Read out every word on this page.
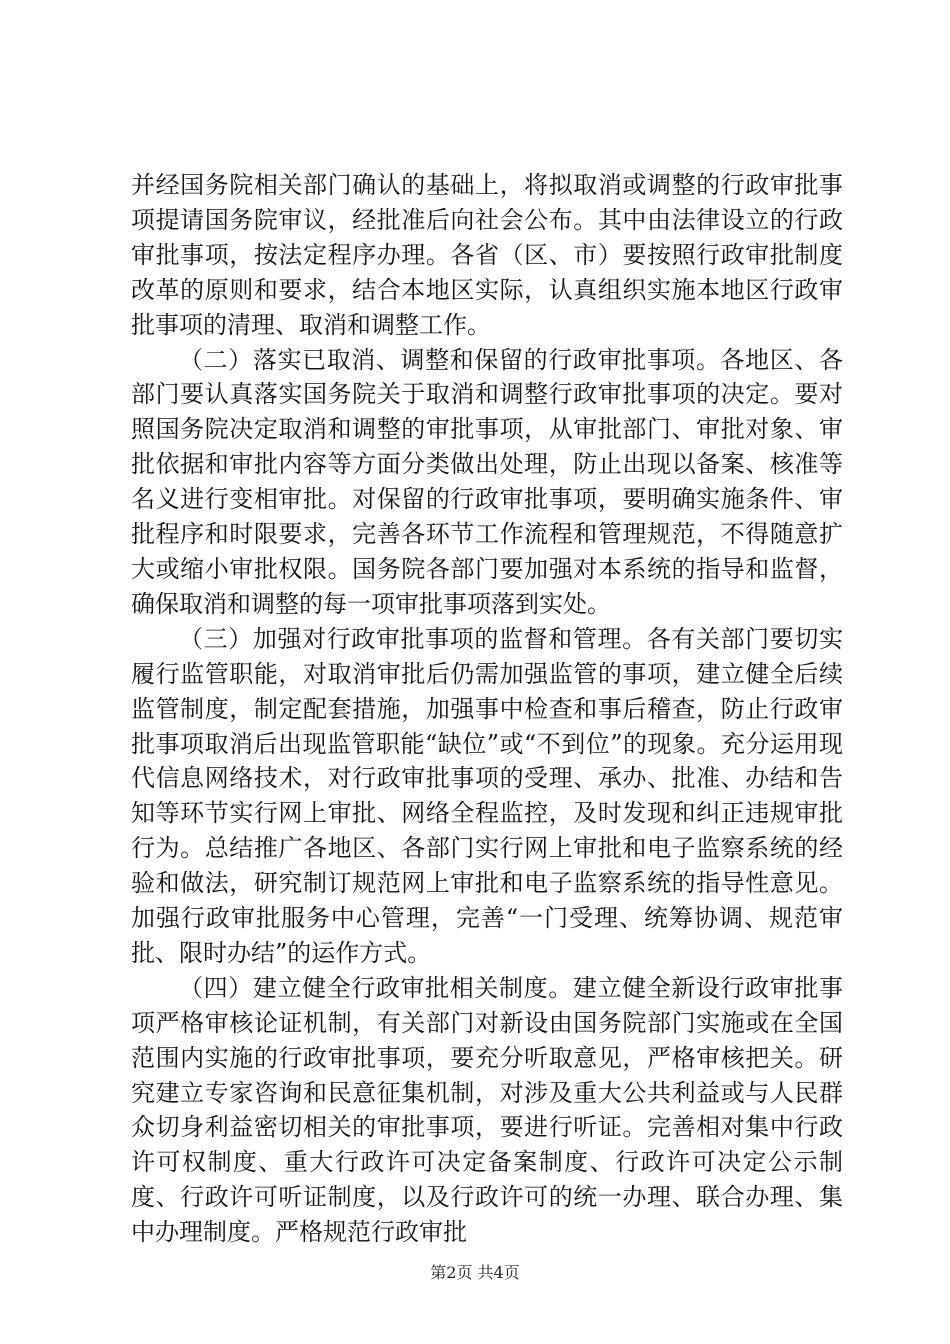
并经国务院相关部门确认的基础上，将拟取消或调整的行政审批事项提请国务院审议，经批准后向社会公布。其中由法律设立的行政审批事项，按法定程序办理。各省（区、市）要按照行政审批制度改革的原则和要求，结合本地区实际，认真组织实施本地区行政审批事项的清理、取消和调整工作。

（二）落实已取消、调整和保留的行政审批事项。各地区、各部门要认真落实国务院关于取消和调整行政审批事项的决定。要对照国务院决定取消和调整的审批事项，从审批部门、审批对象、审批依据和审批内容等方面分类做出处理，防止出现以备案、核准等名义进行变相审批。对保留的行政审批事项，要明确实施条件、审批程序和时限要求，完善各环节工作流程和管理规范，不得随意扩大或缩小审批权限。国务院各部门要加强对本系统的指导和监督，确保取消和调整的每一项审批事项落到实处。

（三）加强对行政审批事项的监督和管理。各有关部门要切实履行监管职能，对取消审批后仍需加强监管的事项，建立健全后续监管制度，制定配套措施，加强事中检查和事后稽查，防止行政审批事项取消后出现监管职能“缺位”或“不到位”的现象。充分运用现代信息网络技术，对行政审批事项的受理、承办、批准、办结和告知等环节实行网上审批、网络全程监控，及时发现和纠正违规审批行为。总结推广各地区、各部门实行网上审批和电子监察系统的经验和做法，研究制订规范网上审批和电子监察系统的指导性意见。加强行政审批服务中心管理，完善“一门受理、统筹协调、规范审批、限时办结”的运作方式。

（四）建立健全行政审批相关制度。建立健全新设行政审批事项严格审核论证机制，有关部门对新设由国务院部门实施或在全国范围内实施的行政审批事项，要充分听取意见，严格审核把关。研究建立专家咨询和民意征集机制，对涉及重大公共利益或与人民群众切身利益密切相关的审批事项，要进行听证。完善相对集中行政许可权制度、重大行政许可决定备案制度、行政许可决定公示制度、行政许可听证制度，以及行政许可的统一办理、联合办理、集中办理制度。严格规范行政审批

第2页 共4页
